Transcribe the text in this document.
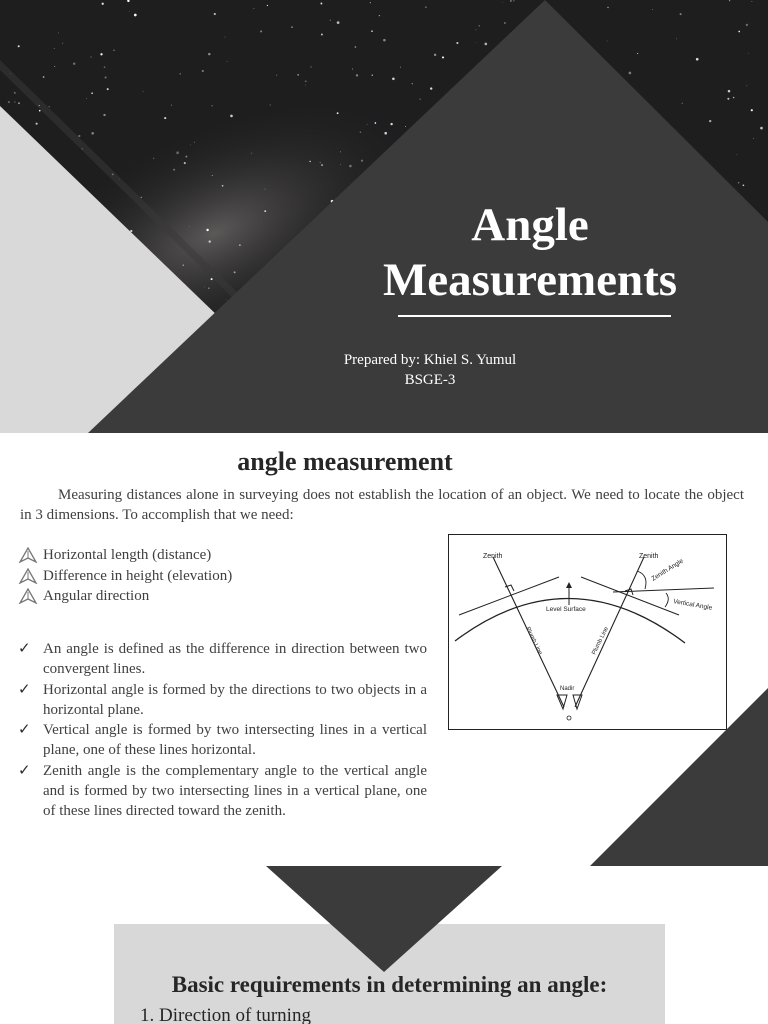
Angle
Measurements
Prepared by: Khiel S. Yumul
BSGE-3
angle measurement
Measuring distances alone in surveying does not establish the location of an object. We need to locate the object in 3 dimensions. To accomplish that we need:
Horizontal length (distance)
Difference in height (elevation)
Angular direction
✓ An angle is defined as the difference in direction between two convergent lines.
✓ Horizontal angle is formed by the directions to two objects in a horizontal plane.
✓ Vertical angle is formed by two intersecting lines in a vertical plane, one of these lines horizontal.
✓ Zenith angle is the complementary angle to the vertical angle and is formed by two intersecting lines in a vertical plane, one of these lines directed toward the zenith.
Zenith	Zenith
Zenith Angle
Vertical Angle
Level Surface
Plumb Line	Plumb Line
Nadir
Basic requirements in determining an angle:
1. Direction of turning
